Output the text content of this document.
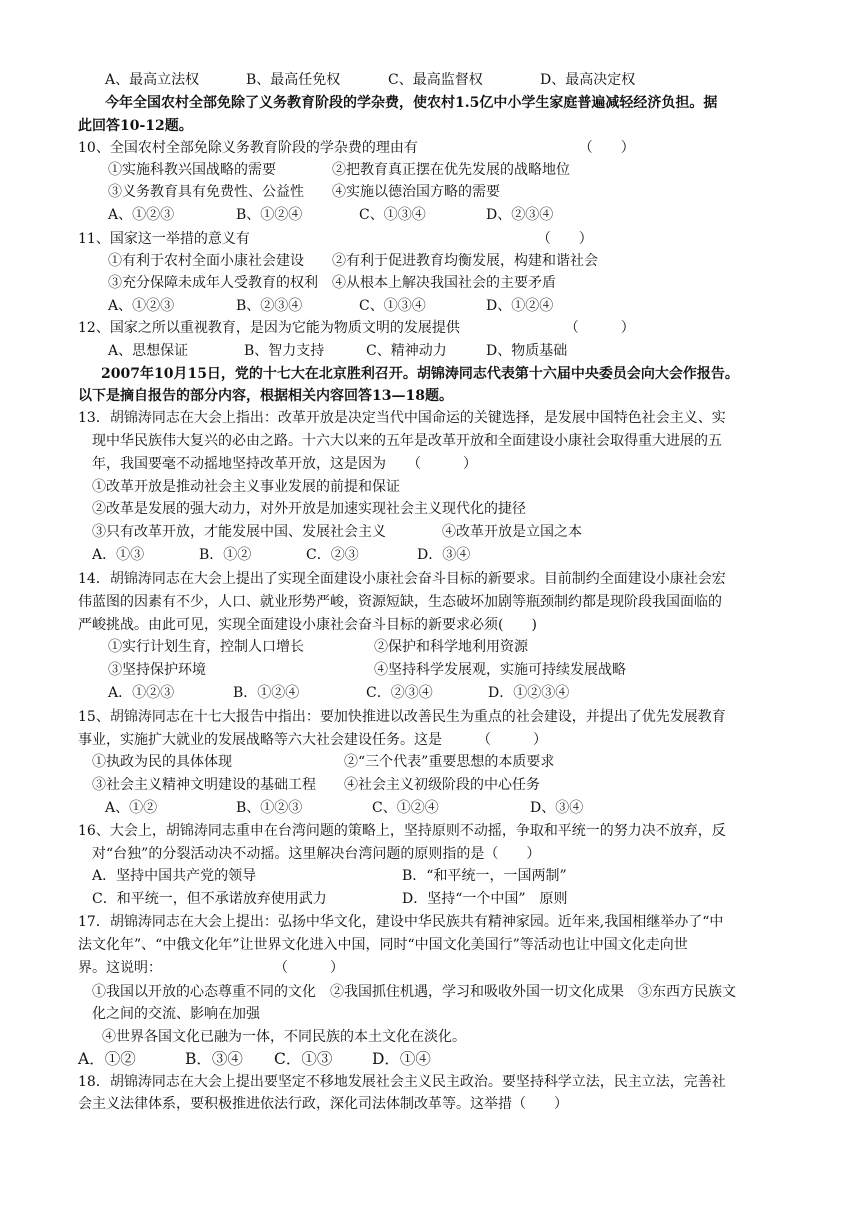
A、最高立法权	B、最高任免权	C、最高监督权	D、最高决定权
今年全国农村全部免除了义务教育阶段的学杂费，使农村1.5亿中小学生家庭普遍减轻经济负担。据
此回答10-12题。
10、全国农村全部免除义务教育阶段的学杂费的理由有　　　　　　　　　　　　（　　）
①实施科教兴国战略的需要　　　　②把教育真正摆在优先发展的战略地位
③义务教育具有免费性、公益性　　④实施以德治国方略的需要
A、①②③	B、①②④	C、①③④	D、②③④
11、国家这一举措的意义有　　　　　　　　　　　　　　　　　　　　　（　　）
①有利于农村全面小康社会建设　　②有利于促进教育均衡发展，构建和谐社会
③充分保障未成年人受教育的权利　④从根本上解决我国社会的主要矛盾
A、①②③	B、②③④	C、①③④	D、①②④
12、国家之所以重视教育，是因为它能为物质文明的发展提供　　　　　　　　（　　　）
A、思想保证	B、智力支持	C、精神动力	D、物质基础
2007年10月15日，党的十七大在北京胜利召开。胡锦涛同志代表第十六届中央委员会向大会作报告。
以下是摘自报告的部分内容，根据相关内容回答13—18题。
13．胡锦涛同志在大会上指出：改革开放是决定当代中国命运的关键选择，是发展中国特色社会主义、实
现中华民族伟大复兴的必由之路。十六大以来的五年是改革开放和全面建设小康社会取得重大进展的五
年，我国要毫不动摇地坚持改革开放，这是因为　　（　　　）
①改革开放是推动社会主义事业发展的前提和保证
②改革是发展的强大动力，对外开放是加速实现社会主义现代化的捷径
③只有改革开放，才能发展中国、发展社会主义　　　　④改革开放是立国之本
A．①③	B．①②	C．②③	D．③④
14．胡锦涛同志在大会上提出了实现全面建设小康社会奋斗目标的新要求。目前制约全面建设小康社会宏
伟蓝图的因素有不少，人口、就业形势严峻，资源短缺，生态破坏加剧等瓶颈制约都是现阶段我国面临的
严峻挑战。由此可见，实现全面建设小康社会奋斗目标的新要求必须(　　)
①实行计划生育，控制人口增长　　　　　②保护和科学地利用资源
③坚持保护环境　　　　　　　　　　　　④坚持科学发展观，实施可持续发展战略
A．①②③	B．①②④	C．②③④	D．①②③④
15、胡锦涛同志在十七大报告中指出：要加快推进以改善民生为重点的社会建设，并提出了优先发展教育
事业，实施扩大就业的发展战略等六大社会建设任务。这是　　　（　　　）
①执政为民的具体体现　　　　　　　　②“三个代表”重要思想的本质要求
③社会主义精神文明建设的基础工程　　④社会主义初级阶段的中心任务
A、①②	B、①②③	C、①②④	D、③④
16、大会上，胡锦涛同志重申在台湾问题的策略上，坚持原则不动摇，争取和平统一的努力决不放弃，反
对“台独”的分裂活动决不动摇。这里解决台湾问题的原则指的是（　　）
A．坚持中国共产党的领导	B．“和平统一，一国两制”
C．和平统一，但不承诺放弃使用武力	D．坚持“一个中国”　原则
17．胡锦涛同志在大会上提出：弘扬中华文化，建设中华民族共有精神家园。近年来,我国相继举办了“中
法文化年”、“中俄文化年”让世界文化进入中国，同时“中国文化美国行”等活动也让中国文化走向世
界。这说明：　　　　　　　　　（　　　）
①我国以开放的心态尊重不同的文化　②我国抓住机遇，学习和吸收外国一切文化成果　③东西方民族文
化之间的交流、影响在加强
④世界各国文化已融为一体，不同民族的本土文化在淡化。
A．①②	B．③④ C．①③	D．①④
18．胡锦涛同志在大会上提出要坚定不移地发展社会主义民主政治。要坚持科学立法，民主立法，完善社
会主义法律体系，要积极推进依法行政，深化司法体制改革等。这举措（　　）
